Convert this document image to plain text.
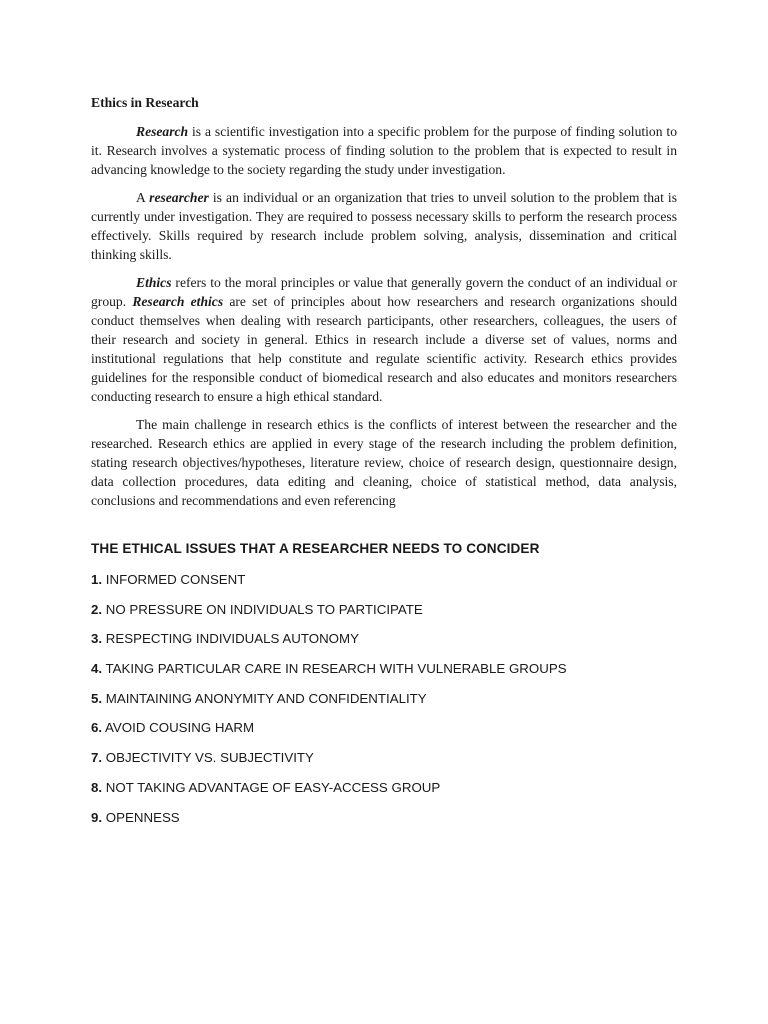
Ethics in Research

Research is a scientific investigation into a specific problem for the purpose of finding solution to it. Research involves a systematic process of finding solution to the problem that is expected to result in advancing knowledge to the society regarding the study under investigation.

A researcher is an individual or an organization that tries to unveil solution to the problem that is currently under investigation. They are required to possess necessary skills to perform the research process effectively. Skills required by research include problem solving, analysis, dissemination and critical thinking skills.

Ethics refers to the moral principles or value that generally govern the conduct of an individual or group. Research ethics are set of principles about how researchers and research organizations should conduct themselves when dealing with research participants, other researchers, colleagues, the users of their research and society in general. Ethics in research include a diverse set of values, norms and institutional regulations that help constitute and regulate scientific activity. Research ethics provides guidelines for the responsible conduct of biomedical research and also educates and monitors researchers conducting research to ensure a high ethical standard.

The main challenge in research ethics is the conflicts of interest between the researcher and the researched. Research ethics are applied in every stage of the research including the problem definition, stating research objectives/hypotheses, literature review, choice of research design, questionnaire design, data collection procedures, data editing and cleaning, choice of statistical method, data analysis, conclusions and recommendations and even referencing

THE ETHICAL ISSUES THAT A RESEARCHER NEEDS TO CONCIDER
1. INFORMED CONSENT
2. NO PRESSURE ON INDIVIDUALS TO PARTICIPATE
3. RESPECTING INDIVIDUALS AUTONOMY
4. TAKING PARTICULAR CARE IN RESEARCH WITH VULNERABLE GROUPS
5. MAINTAINING ANONYMITY AND CONFIDENTIALITY
6. AVOID COUSING HARM
7. OBJECTIVITY VS. SUBJECTIVITY
8. NOT TAKING ADVANTAGE OF EASY-ACCESS GROUP
9. OPENNESS
